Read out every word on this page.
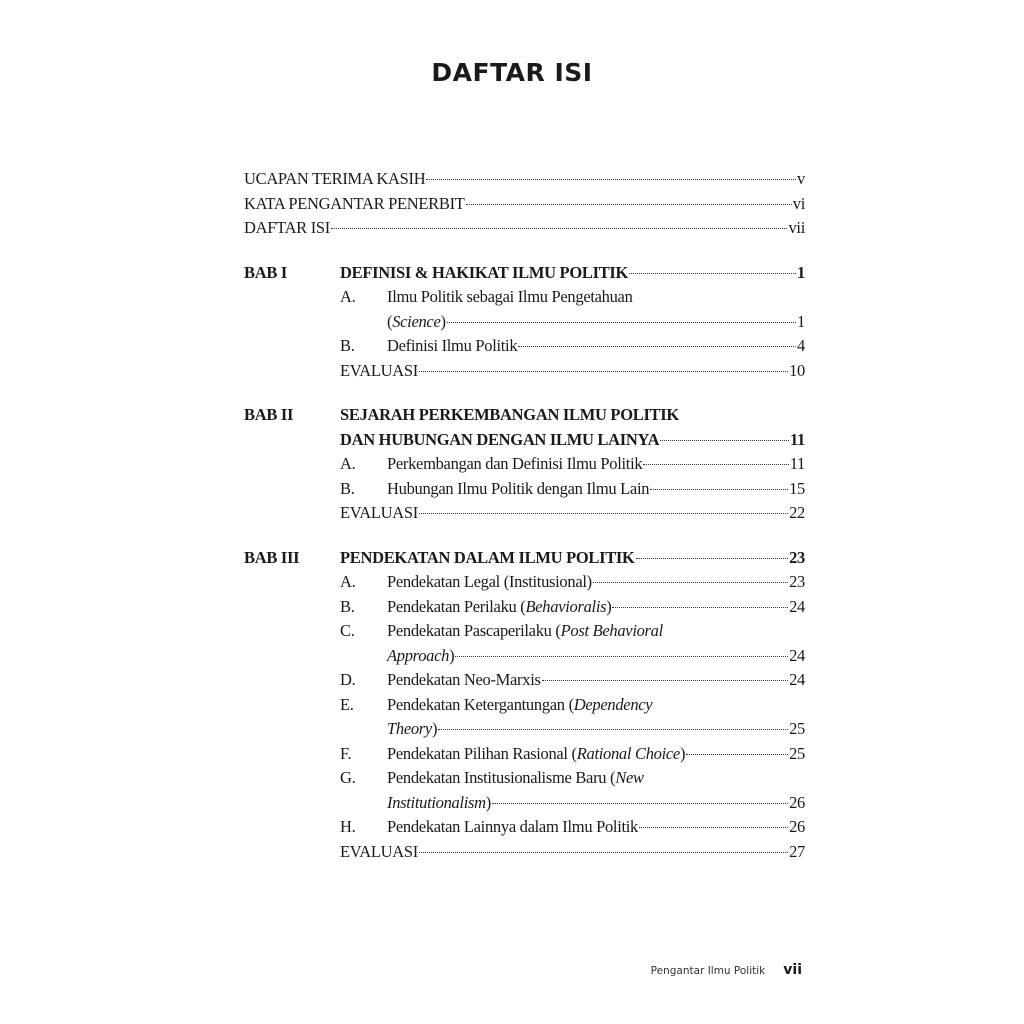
DAFTAR ISI
UCAPAN TERIMA KASIH	v
KATA PENGANTAR PENERBIT	vi
DAFTAR ISI	vii
BAB I	DEFINISI & HAKIKAT ILMU POLITIK	1
A.	Ilmu Politik sebagai Ilmu Pengetahuan
(Science)	1
B.	Definisi Ilmu Politik	4
EVALUASI	10
BAB II	SEJARAH PERKEMBANGAN ILMU POLITIK
DAN HUBUNGAN DENGAN ILMU LAINYA	11
A.	Perkembangan dan Definisi Ilmu Politik	11
B.	Hubungan Ilmu Politik dengan Ilmu Lain	15
EVALUASI	22
BAB III	PENDEKATAN DALAM ILMU POLITIK	23
A.	Pendekatan Legal (Institusional)	23
B.	Pendekatan Perilaku (Behavioralis)	24
C.	Pendekatan Pascaperilaku (Post Behavioral
Approach)	24
D.	Pendekatan Neo-Marxis	24
E.	Pendekatan Ketergantungan (Dependency
Theory)	25
F.	Pendekatan Pilihan Rasional (Rational Choice)	25
G.	Pendekatan Institusionalisme Baru (New
Institutionalism)	26
H.	Pendekatan Lainnya dalam Ilmu Politik	26
EVALUASI	27
Pengantar Ilmu Politik vii
